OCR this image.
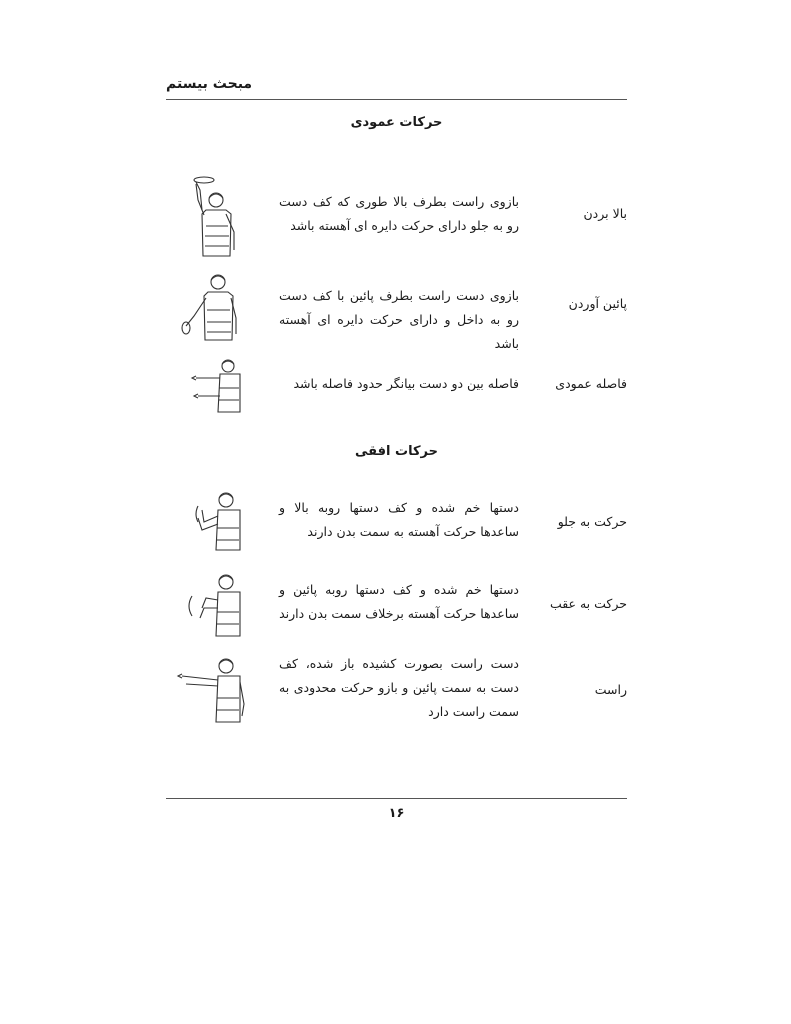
مبحث بیستم
حرکات عمودی
بالا بردن
بازوی راست بطرف بالا طوری که کف دست رو به جلو دارای حرکت دایره ای آهسته باشد
پائین آوردن
بازوی دست راست بطرف پائین با کف دست رو به داخل و دارای حرکت دایره ای آهسته باشد
فاصله عمودی
فاصله بین دو دست بیانگر حدود فاصله باشد
حرکات افقی
حرکت به جلو
دستها خم شده و کف دستها روبه بالا و ساعدها حرکت آهسته به سمت بدن دارند
حرکت به عقب
دستها خم شده و کف دستها روبه پائین و ساعدها حرکت آهسته برخلاف سمت بدن دارند
راست
دست راست بصورت کشیده باز شده، کف دست به سمت پائین و بازو حرکت محدودی به سمت راست دارد
۱۶
